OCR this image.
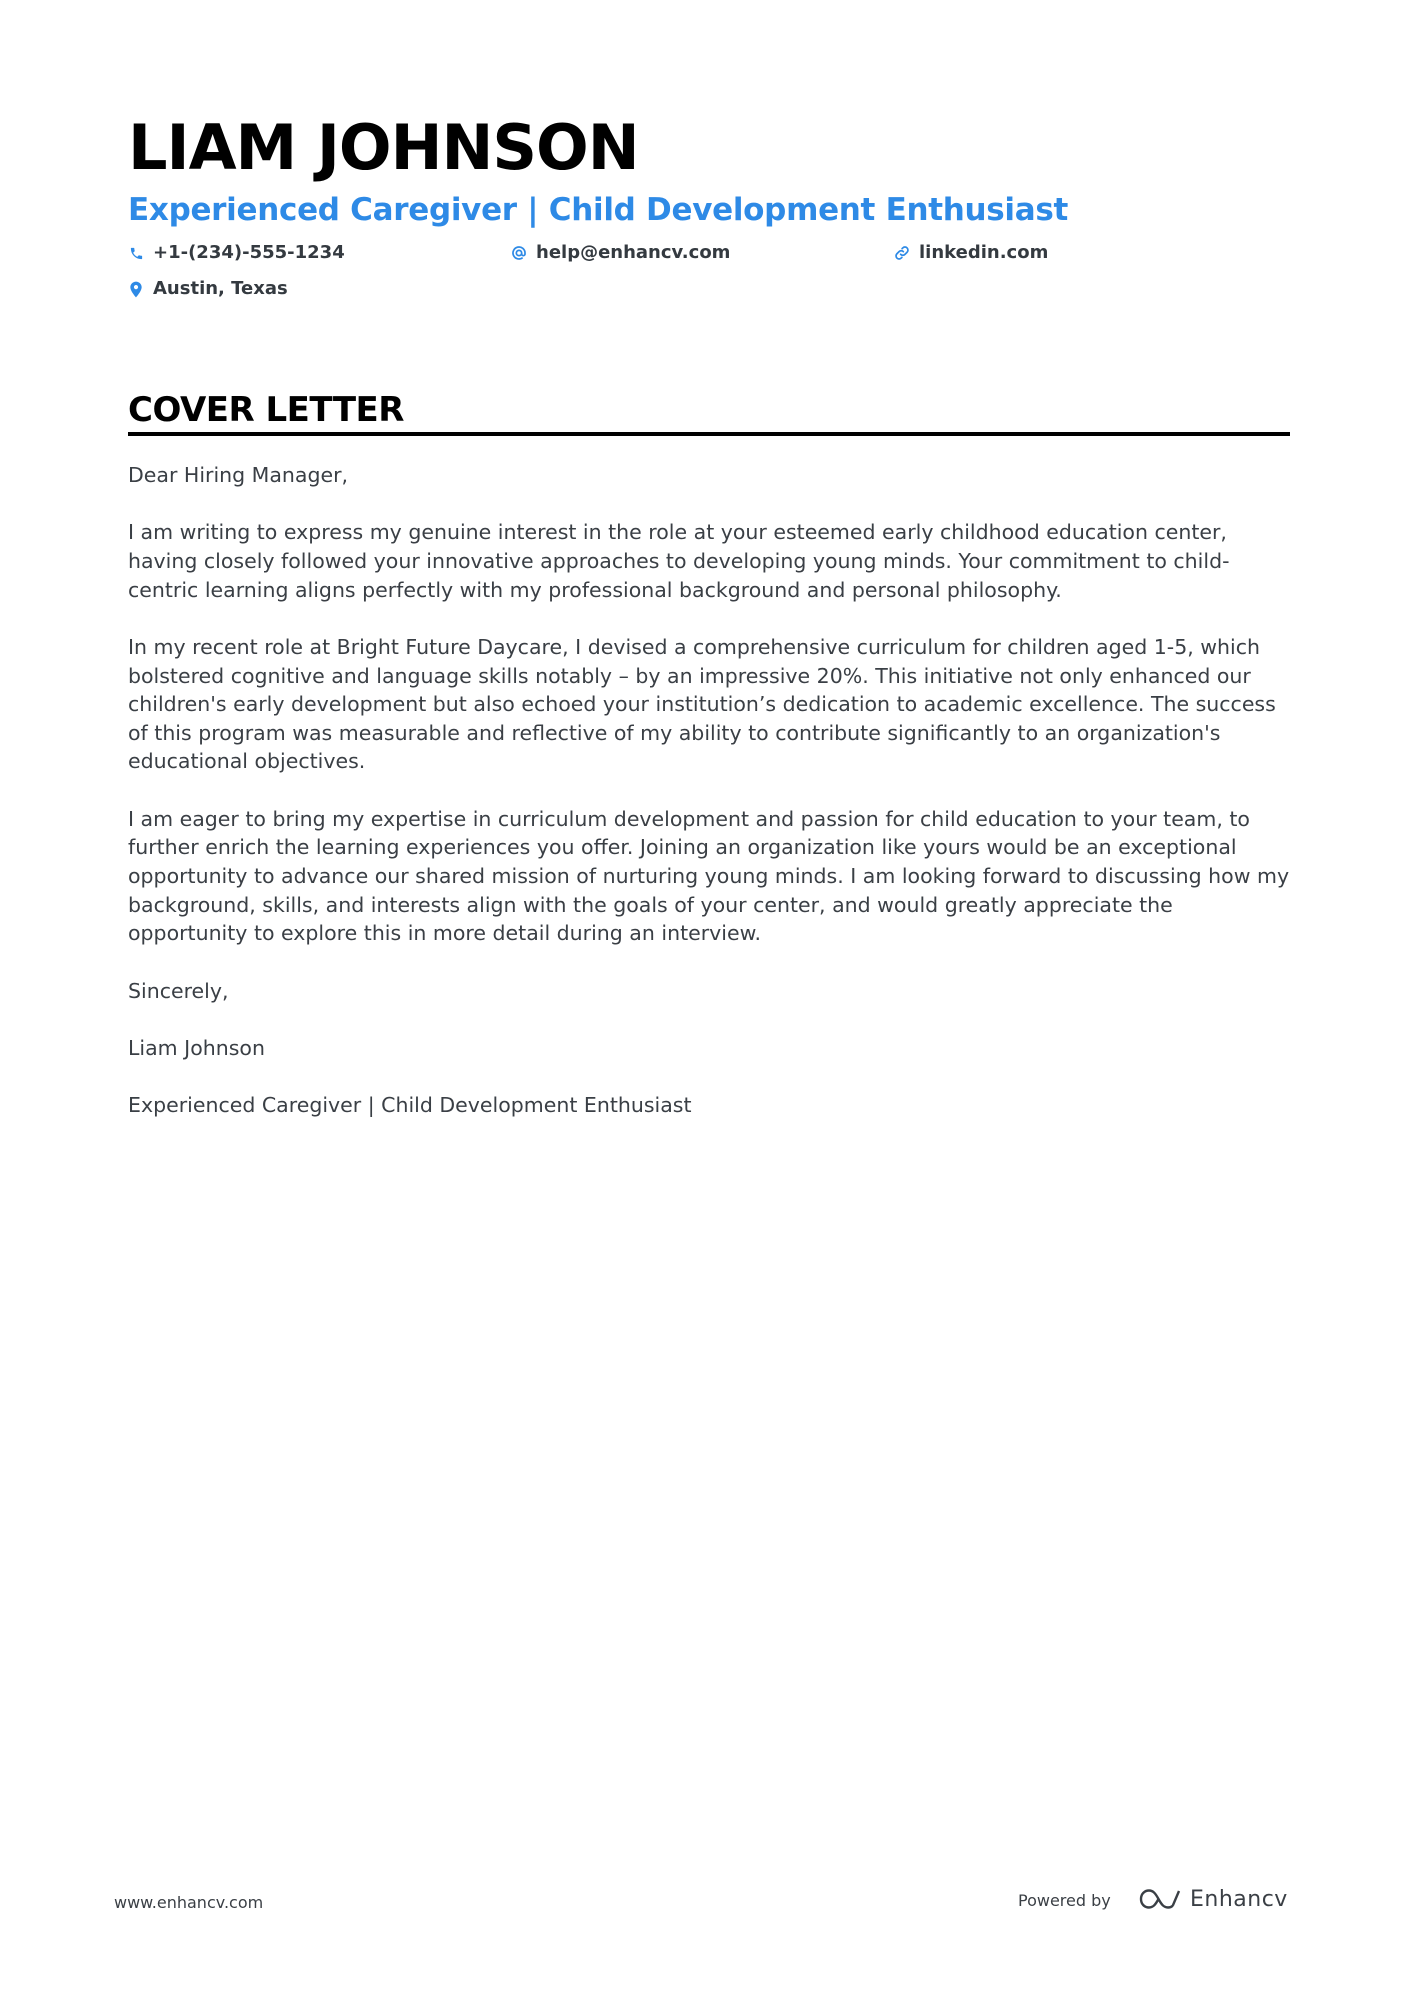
LIAM JOHNSON
Experienced Caregiver | Child Development Enthusiast
+1-(234)-555-1234	help@enhancv.com	linkedin.com
Austin, Texas
COVER LETTER

Dear Hiring Manager,

I am writing to express my genuine interest in the role at your esteemed early childhood education center, having closely followed your innovative approaches to developing young minds. Your commitment to child-centric learning aligns perfectly with my professional background and personal philosophy.

In my recent role at Bright Future Daycare, I devised a comprehensive curriculum for children aged 1-5, which bolstered cognitive and language skills notably – by an impressive 20%. This initiative not only enhanced our children's early development but also echoed your institution’s dedication to academic excellence. The success of this program was measurable and reflective of my ability to contribute significantly to an organization's educational objectives.

I am eager to bring my expertise in curriculum development and passion for child education to your team, to further enrich the learning experiences you offer. Joining an organization like yours would be an exceptional opportunity to advance our shared mission of nurturing young minds. I am looking forward to discussing how my background, skills, and interests align with the goals of your center, and would greatly appreciate the opportunity to explore this in more detail during an interview.

Sincerely,

Liam Johnson

Experienced Caregiver | Child Development Enthusiast

www.enhancv.com	Powered by	Enhancv
